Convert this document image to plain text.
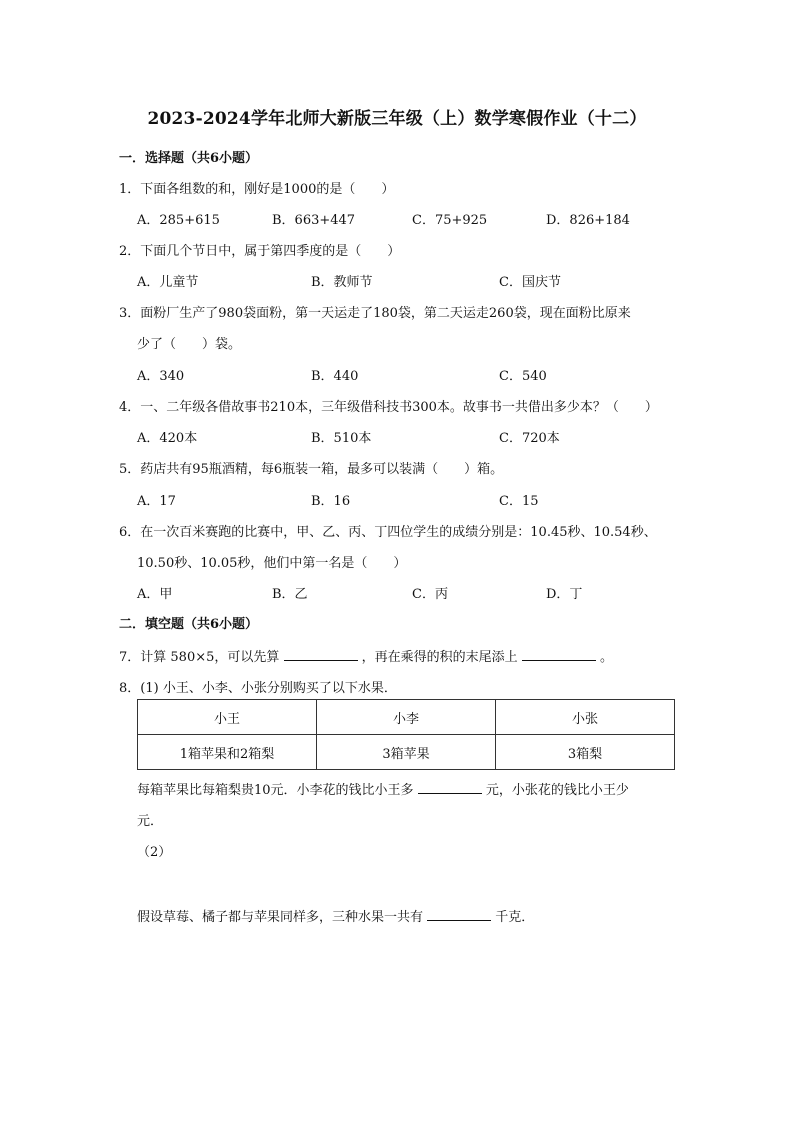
2023-2024学年北师大新版三年级（上）数学寒假作业（十二）
一．选择题（共6小题）
1．下面各组数的和，刚好是1000的是（　　）
A．285+615	B．663+447	C．75+925	D．826+184
2．下面几个节日中，属于第四季度的是（　　）
A．儿童节	B．教师节	C．国庆节
3．面粉厂生产了980袋面粉，第一天运走了180袋，第二天运走260袋，现在面粉比原来
少了（　　）袋。
A．340	B．440	C．540
4．一、二年级各借故事书210本，三年级借科技书300本。故事书一共借出多少本？（　　）
A．420本	B．510本	C．720本
5．药店共有95瓶酒精，每6瓶装一箱，最多可以装满（　　）箱。
A．17	B．16	C．15
6．在一次百米赛跑的比赛中，甲、乙、丙、丁四位学生的成绩分别是：10.45秒、10.54秒、
10.50秒、10.05秒，他们中第一名是（　　）
A．甲	B．乙	C．丙	D．丁
二．填空题（共6小题）
7．计算 580×5，可以先算	，再在乘得的积的末尾添上	。
8．(1) 小王、小李、小张分别购买了以下水果．
小王	小李	小张
1箱苹果和2箱梨	3箱苹果	3箱梨
每箱苹果比每箱梨贵10元．小李花的钱比小王多	元，小张花的钱比小王少
元．
（2）
假设草莓、橘子都与苹果同样多，三种水果一共有	千克．
